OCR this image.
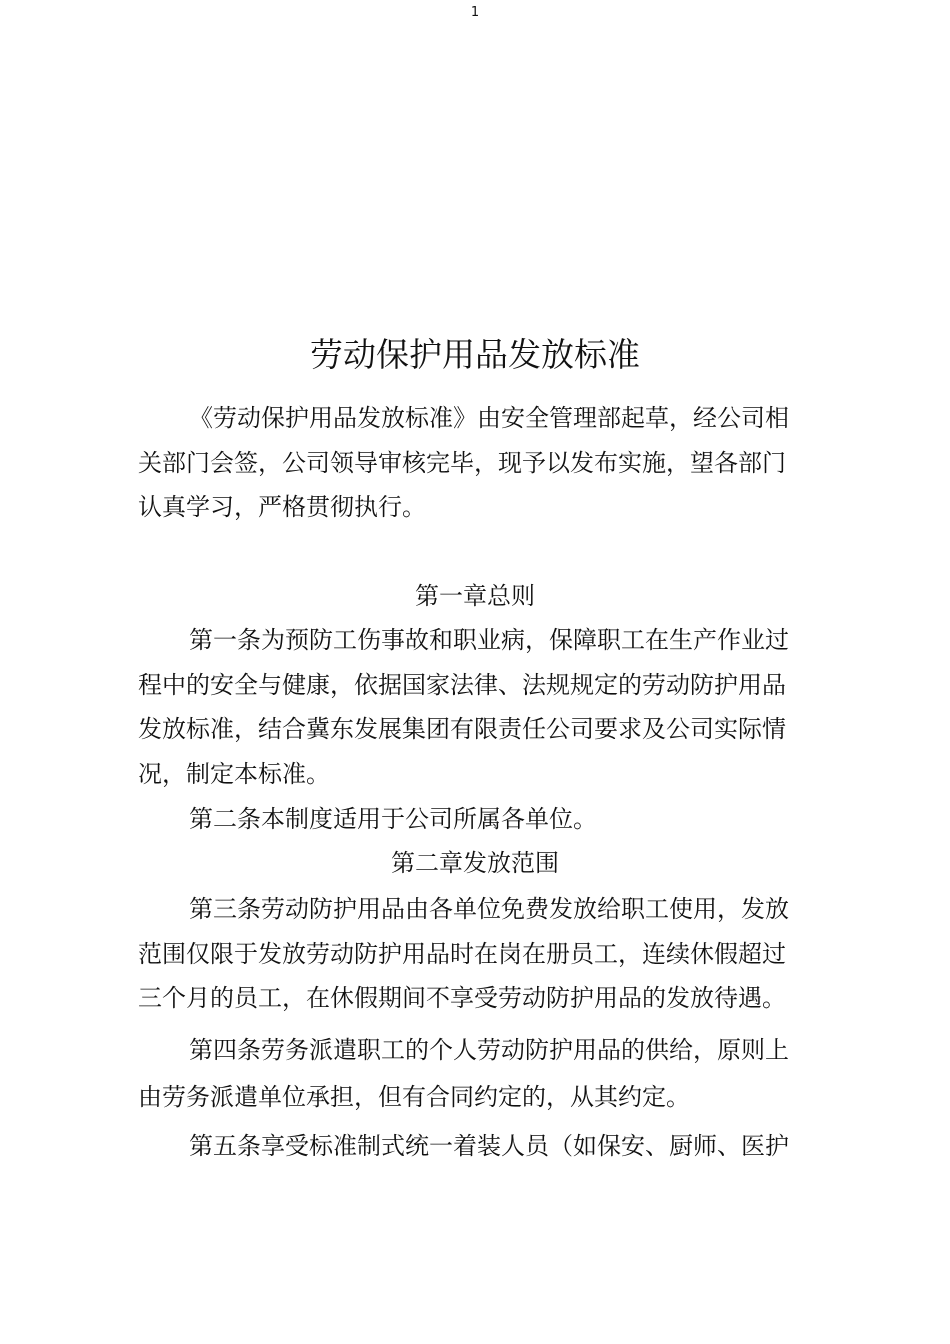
1
劳动保护用品发放标准

《劳动保护用品发放标准》由安全管理部起草，经公司相关部门会签，公司领导审核完毕，现予以发布实施，望各部门认真学习，严格贯彻执行。

第一章总则

第一条为预防工伤事故和职业病，保障职工在生产作业过程中的安全与健康，依据国家法律、法规规定的劳动防护用品发放标准，结合冀东发展集团有限责任公司要求及公司实际情况，制定本标准。

第二条本制度适用于公司所属各单位。

第二章发放范围

第三条劳动防护用品由各单位免费发放给职工使用，发放范围仅限于发放劳动防护用品时在岗在册员工，连续休假超过三个月的员工，在休假期间不享受劳动防护用品的发放待遇。

第四条劳务派遣职工的个人劳动防护用品的供给，原则上由劳务派遣单位承担，但有合同约定的，从其约定。

第五条享受标准制式统一着装人员（如保安、厨师、医护
